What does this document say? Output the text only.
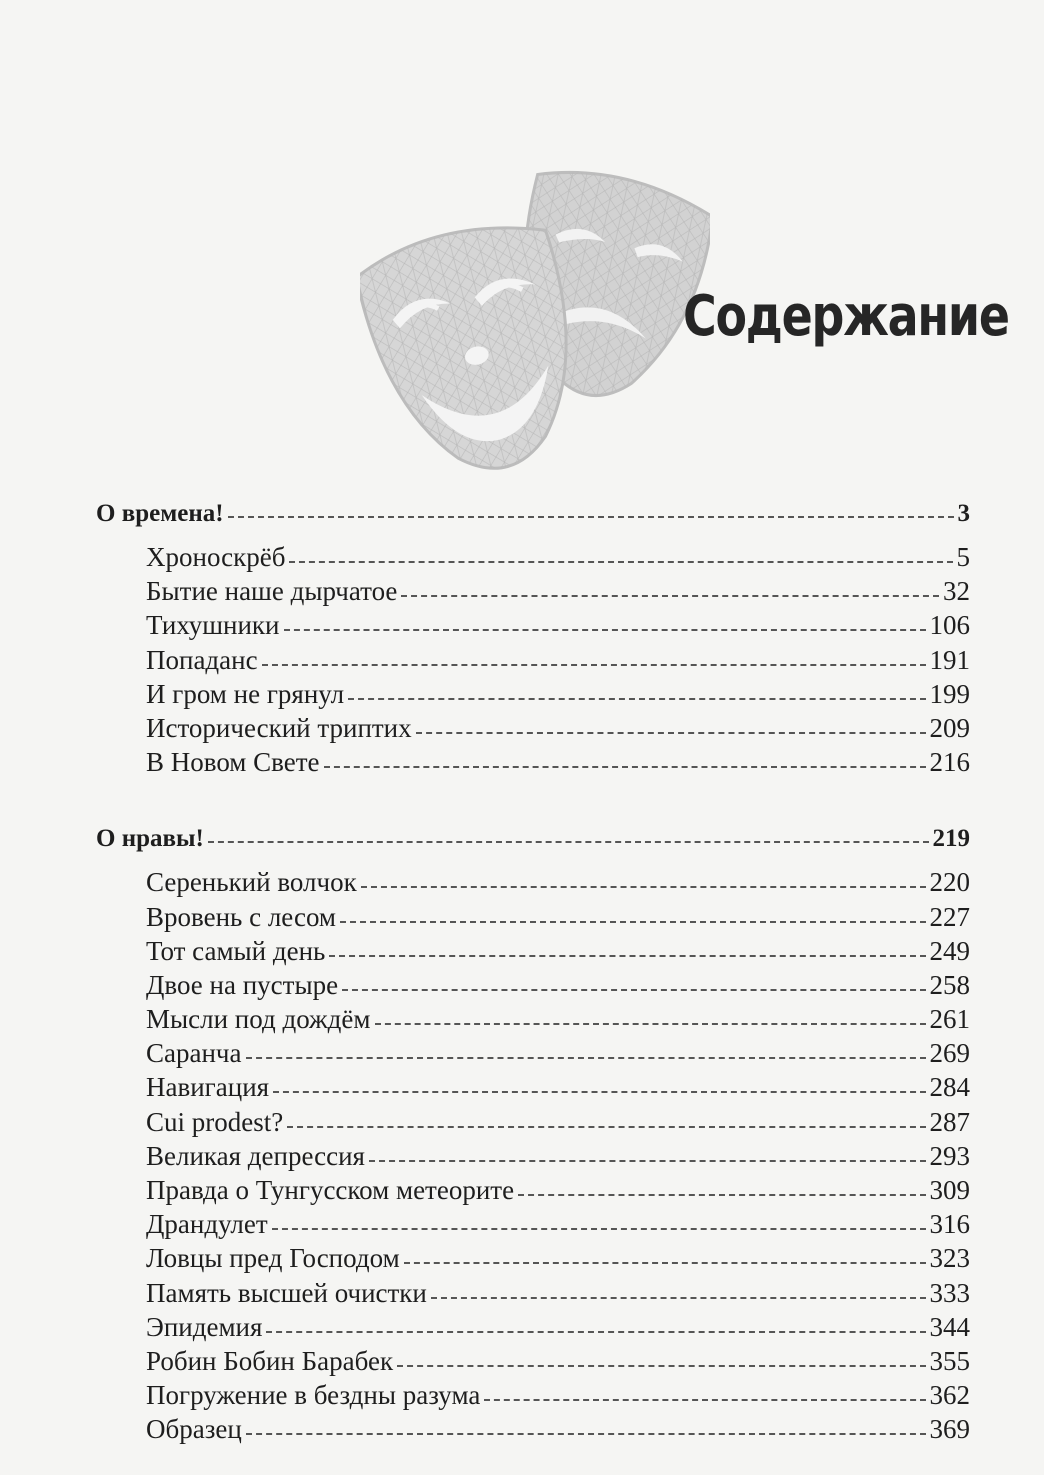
Содержание
О времена!	3
Хроноскрёб	5
Бытие наше дырчатое	32
Тихушники	106
Попаданс	191
И гром не грянул	199
Исторический триптих	209
В Новом Свете	216
О нравы!	219
Серенький волчок	220
Вровень с лесом	227
Тот самый день	249
Двое на пустыре	258
Мысли под дождём	261
Саранча	269
Навигация	284
Cui prodest?	287
Великая депрессия	293
Правда о Тунгусском метеорите	309
Драндулет	316
Ловцы пред Господом	323
Память высшей очистки	333
Эпидемия	344
Робин Бобин Барабек	355
Погружение в бездны разума	362
Образец	369
